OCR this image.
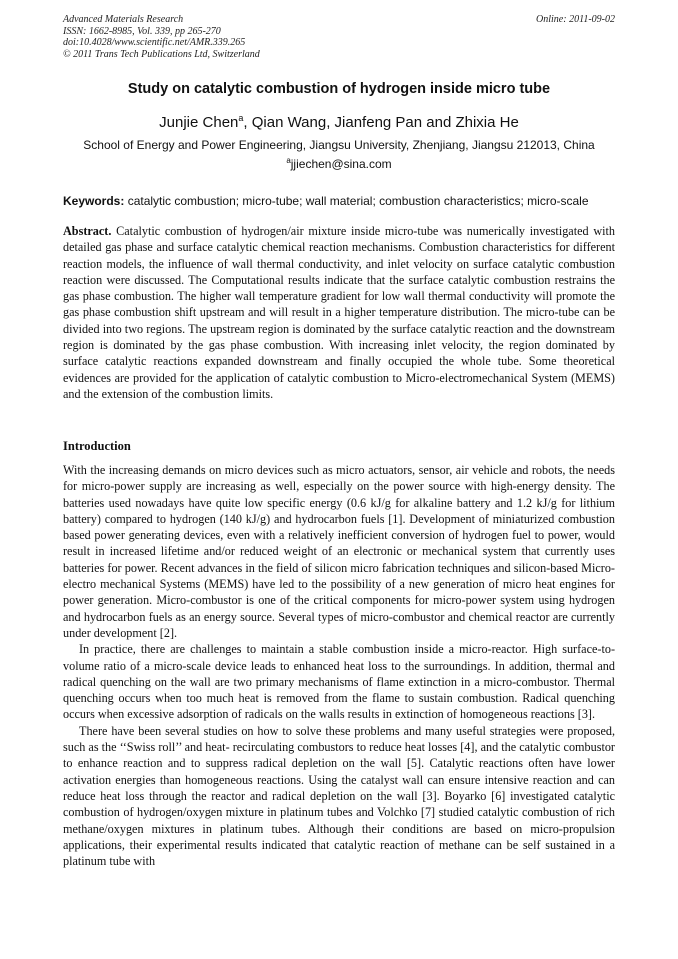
Advanced Materials Research
ISSN: 1662-8985, Vol. 339, pp 265-270
doi:10.4028/www.scientific.net/AMR.339.265
© 2011 Trans Tech Publications Ltd, Switzerland
Online: 2011-09-02
Study on catalytic combustion of hydrogen inside micro tube
Junjie Chen$^a$, Qian Wang, Jianfeng Pan and Zhixia He
School of Energy and Power Engineering, Jiangsu University, Zhenjiang, Jiangsu 212013, China
$^a$jjiechen@sina.com
Keywords: catalytic combustion; micro-tube; wall material; combustion characteristics; micro-scale

Abstract. Catalytic combustion of hydrogen/air mixture inside micro-tube was numerically investigated with detailed gas phase and surface catalytic chemical reaction mechanisms. Combustion characteristics for different reaction models, the influence of wall thermal conductivity, and inlet velocity on surface catalytic combustion reaction were discussed. The Computational results indicate that the surface catalytic combustion restrains the gas phase combustion. The higher wall temperature gradient for low wall thermal conductivity will promote the gas phase combustion shift upstream and will result in a higher temperature distribution. The micro-tube can be divided into two regions. The upstream region is dominated by the surface catalytic reaction and the downstream region is dominated by the gas phase combustion. With increasing inlet velocity, the region dominated by surface catalytic reactions expanded downstream and finally occupied the whole tube. Some theoretical evidences are provided for the application of catalytic combustion to Micro-electromechanical System (MEMS) and the extension of the combustion limits.

Introduction

With the increasing demands on micro devices such as micro actuators, sensor, air vehicle and robots, the needs for micro-power supply are increasing as well, especially on the power source with high-energy density. The batteries used nowadays have quite low specific energy (0.6 kJ/g for alkaline battery and 1.2 kJ/g for lithium battery) compared to hydrogen (140 kJ/g) and hydrocarbon fuels [1]. Development of miniaturized combustion based power generating devices, even with a relatively inefficient conversion of hydrogen fuel to power, would result in increased lifetime and/or reduced weight of an electronic or mechanical system that currently uses batteries for power. Recent advances in the field of silicon micro fabrication techniques and silicon-based Micro-electro mechanical Systems (MEMS) have led to the possibility of a new generation of micro heat engines for power generation. Micro-combustor is one of the critical components for micro-power system using hydrogen and hydrocarbon fuels as an energy source. Several types of micro-combustor and chemical reactor are currently under development [2].

In practice, there are challenges to maintain a stable combustion inside a micro-reactor. High surface-to-volume ratio of a micro-scale device leads to enhanced heat loss to the surroundings. In addition, thermal and radical quenching on the wall are two primary mechanisms of flame extinction in a micro-combustor. Thermal quenching occurs when too much heat is removed from the flame to sustain combustion. Radical quenching occurs when excessive adsorption of radicals on the walls results in extinction of homogeneous reactions [3].

There have been several studies on how to solve these problems and many useful strategies were proposed, such as the ‘‘Swiss roll’’ and heat- recirculating combustors to reduce heat losses [4], and the catalytic combustor to enhance reaction and to suppress radical depletion on the wall [5]. Catalytic reactions often have lower activation energies than homogeneous reactions. Using the catalyst wall can ensure intensive reaction and can reduce heat loss through the reactor and radical depletion on the wall [3]. Boyarko [6] investigated catalytic combustion of hydrogen/oxygen mixture in platinum tubes and Volchko [7] studied catalytic combustion of rich methane/oxygen mixtures in platinum tubes. Although their conditions are based on micro-propulsion applications, their experimental results indicated that catalytic reaction of methane can be self sustained in a platinum tube with
